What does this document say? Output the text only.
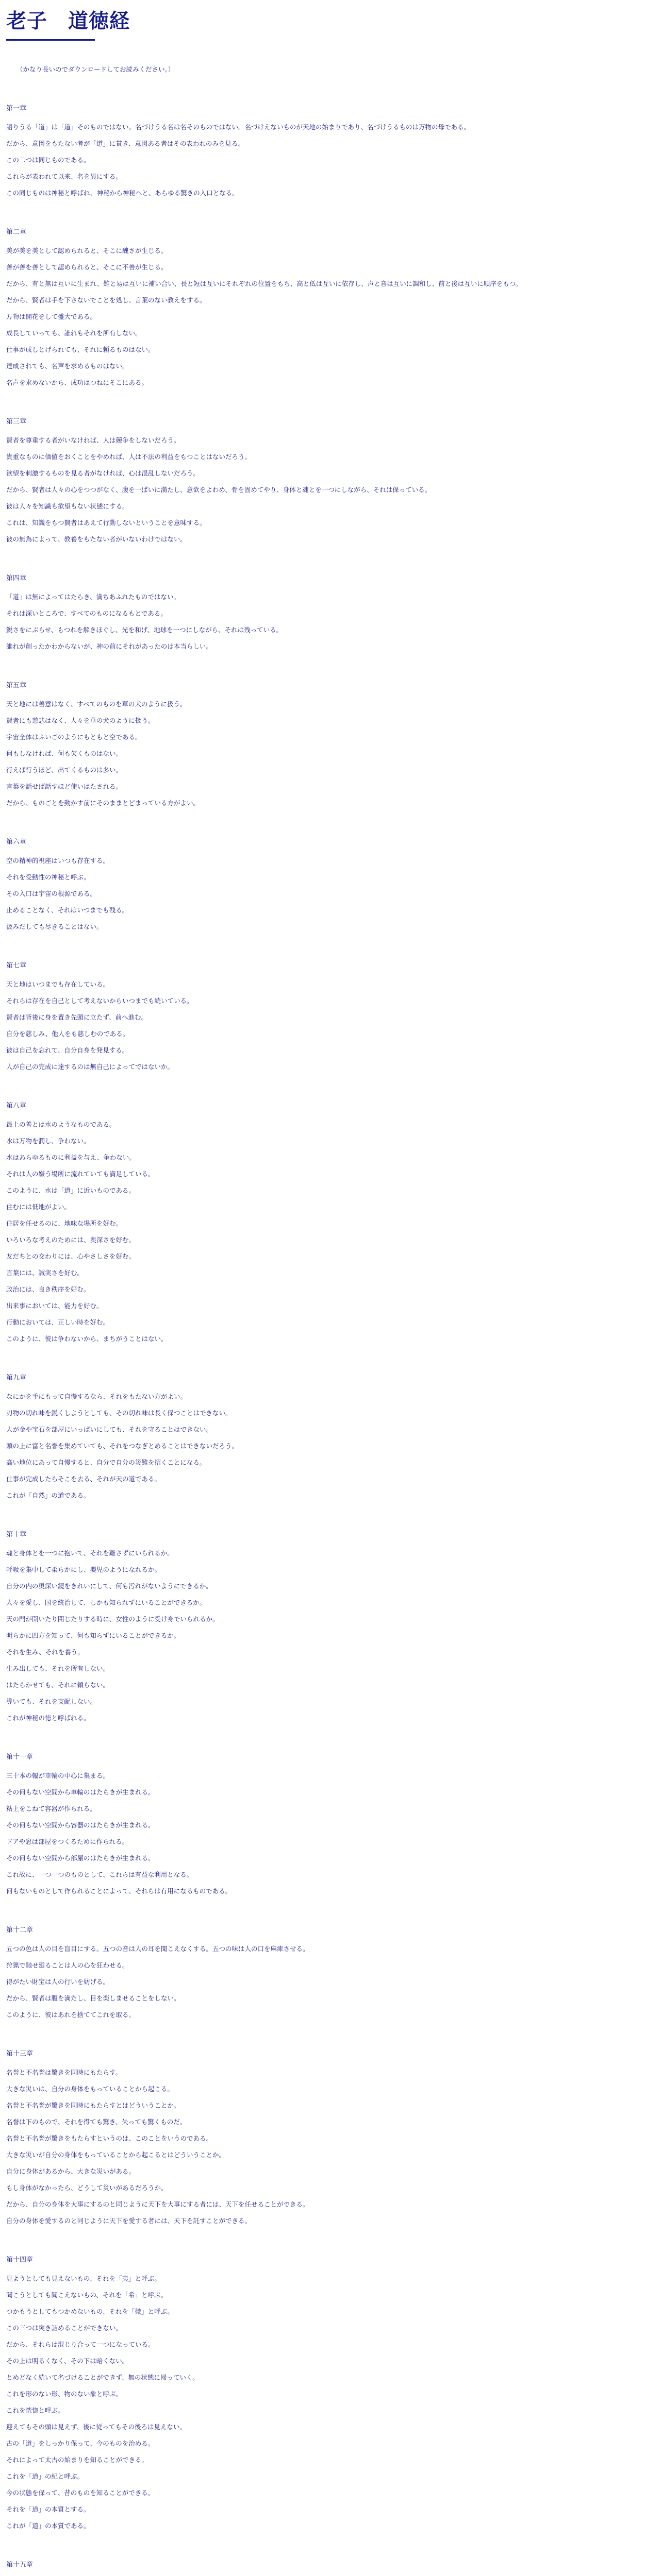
老子　道徳経
（かなり長いのでダウンロードしてお読みください。）
第一章
語りうる「道」は「道」そのものではない。名づけうる名は名そのものではない。名づけえないものが天地の始まりであり、名づけうるものは万物の母である。
だから、意図をもたない者が「道」に貫き、意図ある者はその表われのみを見る。
この二つは同じものである。
これらが表われて以来、名を異にする。
この同じものは神秘と呼ばれ、神秘から神秘へと、あらゆる驚きの入口となる。
第二章
美が美を美として認められると、そこに醜さが生じる。
善が善を善として認められると、そこに不善が生じる。
だから、有と無は互いに生まれ、難と易は互いに補い合い、長と短は互いにそれぞれの位置をもち、高と低は互いに依存し、声と音は互いに調和し、前と後は互いに順序をもつ。
だから、賢者は手を下さないでことを処し、言葉のない教えをする。
万物は開花をして盛大である。
成長していっても、誰れもそれを所有しない。
仕事が成しとげられても、それに頼るものはない。
達成されても、名声を求めるものはない。
名声を求めないから、成功はつねにそこにある。
第三章
賢者を尊重する者がいなければ、人は競争をしないだろう。
貴重なものに価値をおくことをやめれば、人は不法の利益をもつことはないだろう。
欲望を刺激するものを見る者がなければ、心は混乱しないだろう。
だから、賢者は人々の心をつつがなく、腹を一ぱいに満たし、意欲をよわめ、骨を固めてやり、身体と魂とを一つにしながら、それは保っている。
彼は人々を知識も欲望もない状態にする。
これは、知識をもつ賢者はあえて行動しないということを意味する。
彼の無為によって、教養をもたない者がいないわけではない。
第四章
「道」は無によってはたらき、満ちあふれたものではない。
それは深いところで、すべてのものになるもとである。
鋭さをにぶらせ、もつれを解きほぐし、光を和げ、地球を一つにしながら、それは残っている。
誰れが創ったかわからないが、神の前にそれがあったのは本当らしい。
第五章
天と地には善意はなく、すべてのものを草の犬のように扱う。
賢者にも慈悲はなく、人々を草の犬のように扱う。
宇宙全体はふいごのようにもともと空である。
何もしなければ、何も欠くものはない。
行えば行うほど、出てくるものは多い。
言葉を話せば話すほど使いはたされる。
だから、ものごとを動かす前にそのままとどまっている方がよい。
第六章
空の精神的視座はいつも存在する。
それを受動性の神秘と呼ぶ。
その入口は宇宙の根源である。
止めることなく、それはいつまでも残る。
汲みだしても尽きることはない。
第七章
天と地はいつまでも存在している。
それらは存在を自己として考えないからいつまでも続いている。
賢者は背後に身を置き先頭に立たず、前へ進む。
自分を慈しみ、他人をも慈しむのである。
彼は自己を忘れて、自分自身を発見する。
人が自己の完成に達するのは無自己によってではないか。
第八章
最上の善とは水のようなものである。
水は万物を潤し、争わない。
水はあらゆるものに利益を与え、争わない。
それは人の嫌う場所に流れていても満足している。
このように、水は「道」に近いものである。
住むには低地がよい。
住居を任せるのに、地味な場所を好む。
いろいろな考えのためには、奥深さを好む。
友だちとの交わりには、心やさしさを好む。
言葉には、誠実さを好む。
政治には、良き秩序を好む。
出来事においては、能力を好む。
行動においては、正しい時を好む。
このように、彼は争わないから、まちがうことはない。
第九章
なにかを手にもって自慢するなら、それをもたない方がよい。
刃物の切れ味を鋭くしようとしても、その切れ味は長く保つことはできない。
人が金や宝石を部屋にいっぱいにしても、それを守ることはできない。
頭の上に富と名誉を集めていても、それをつなぎとめることはできないだろう。
高い地位にあって自慢すると、自分で自分の災難を招くことになる。
仕事が完成したらそこを去る、それが天の道である。
これが「自然」の道である。
第十章
魂と身体とを一つに抱いて、それを離さずにいられるか。
呼吸を集中して柔らかにし、嬰児のようになれるか。
自分の内の奥深い鏡をきれいにして、何も汚れがないようにできるか。
人々を愛し、国を統治して、しかも知られずにいることができるか。
天の門が開いたり閉じたりする時に、女性のように受け身でいられるか。
明らかに四方を知って、何も知らずにいることができるか。
それを生み、それを養う。
生み出しても、それを所有しない。
はたらかせても、それに頼らない。
導いても、それを支配しない。
これが神秘の徳と呼ばれる。
第十一章
三十本の輻が車輪の中心に集まる。
その何もない空間から車輪のはたらきが生まれる。
粘土をこねて容器が作られる。
その何もない空間から容器のはたらきが生まれる。
ドアや窓は部屋をつくるために作られる。
その何もない空間から部屋のはたらきが生まれる。
これ故に、一つ一つのものとして、これらは有益な利用となる。
何もないものとして作られることによって、それらは有用になるものである。
第十二章
五つの色は人の目を盲目にする。五つの音は人の耳を聞こえなくする。五つの味は人の口を麻痺させる。
狩猟で馳せ廻ることは人の心を狂わせる。
得がたい財宝は人の行いを妨げる。
だから、賢者は腹を満たし、目を楽しませることをしない。
このように、彼はあれを捨ててこれを取る。
第十三章
名誉と不名誉は驚きを同時にもたらす。
大きな災いは、自分の身体をもっていることから起こる。
名誉と不名誉が驚きを同時にもたらすとはどういうことか。
名誉は下のもので、それを得ても驚き、失っても驚くものだ。
名誉と不名誉が驚きをもたらすというのは、このことをいうのである。
大きな災いが自分の身体をもっていることから起こるとはどういうことか。
自分に身体があるから、大きな災いがある。
もし身体がなかったら、どうして災いがあるだろうか。
だから、自分の身体を大事にするのと同じように天下を大事にする者には、天下を任せることができる。
自分の身体を愛するのと同じように天下を愛する者には、天下を託すことができる。
第十四章
見ようとしても見えないもの、それを「夷」と呼ぶ。
聞こうとしても聞こえないもの、それを「希」と呼ぶ。
つかもうとしてもつかめないもの、それを「微」と呼ぶ。
この三つは突き詰めることができない。
だから、それらは混じり合って一つになっている。
その上は明るくなく、その下は暗くない。
とめどなく続いて名づけることができず、無の状態に帰っていく。
これを形のない形、物のない象と呼ぶ。
これを恍惚と呼ぶ。
迎えてもその頭は見えず、後に従ってもその後ろは見えない。
古の「道」をしっかり保って、今のものを治める。
それによって太古の始まりを知ることができる。
これを「道」の紀と呼ぶ。
今の状態を保って、昔のものを知ることができる。
それを「道」の本質とする。
これが「道」の本質である。
第十五章
